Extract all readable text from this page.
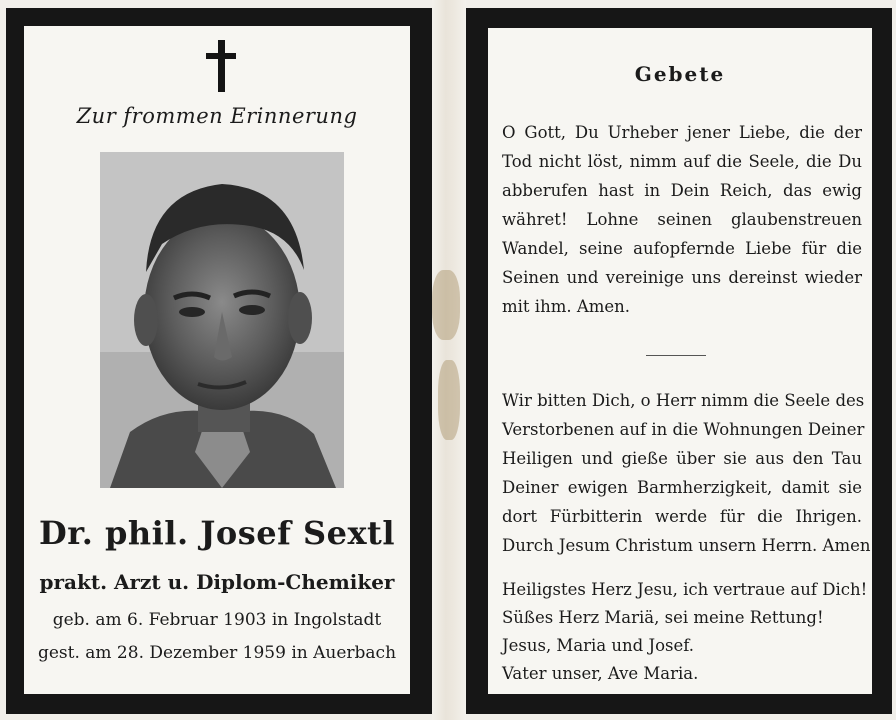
Zur frommen Erinnerung
Dr. phil. Josef Sextl
prakt. Arzt u. Diplom-Chemiker
geb. am 6. Februar 1903 in Ingolstadt
gest. am 28. Dezember 1959 in Auerbach
Gebete
O Gott, Du Urheber jener Liebe, die der
Tod nicht löst, nimm auf die Seele, die Du
abberufen hast in Dein Reich, das ewig
währet! Lohne seinen glaubenstreuen
Wandel, seine aufopfernde Liebe für die
Seinen und vereinige uns dereinst wieder
mit ihm. Amen.
Wir bitten Dich, o Herr nimm die Seele des
Verstorbenen auf in die Wohnungen Deiner
Heiligen und gieße über sie aus den Tau
Deiner ewigen Barmherzigkeit, damit sie
dort Fürbitterin werde für die Ihrigen.
Durch Jesum Christum unsern Herrn. Amen
Heiligstes Herz Jesu, ich vertraue auf Dich!
Süßes Herz Mariä, sei meine Rettung!
Jesus, Maria und Josef.
Vater unser, Ave Maria.
